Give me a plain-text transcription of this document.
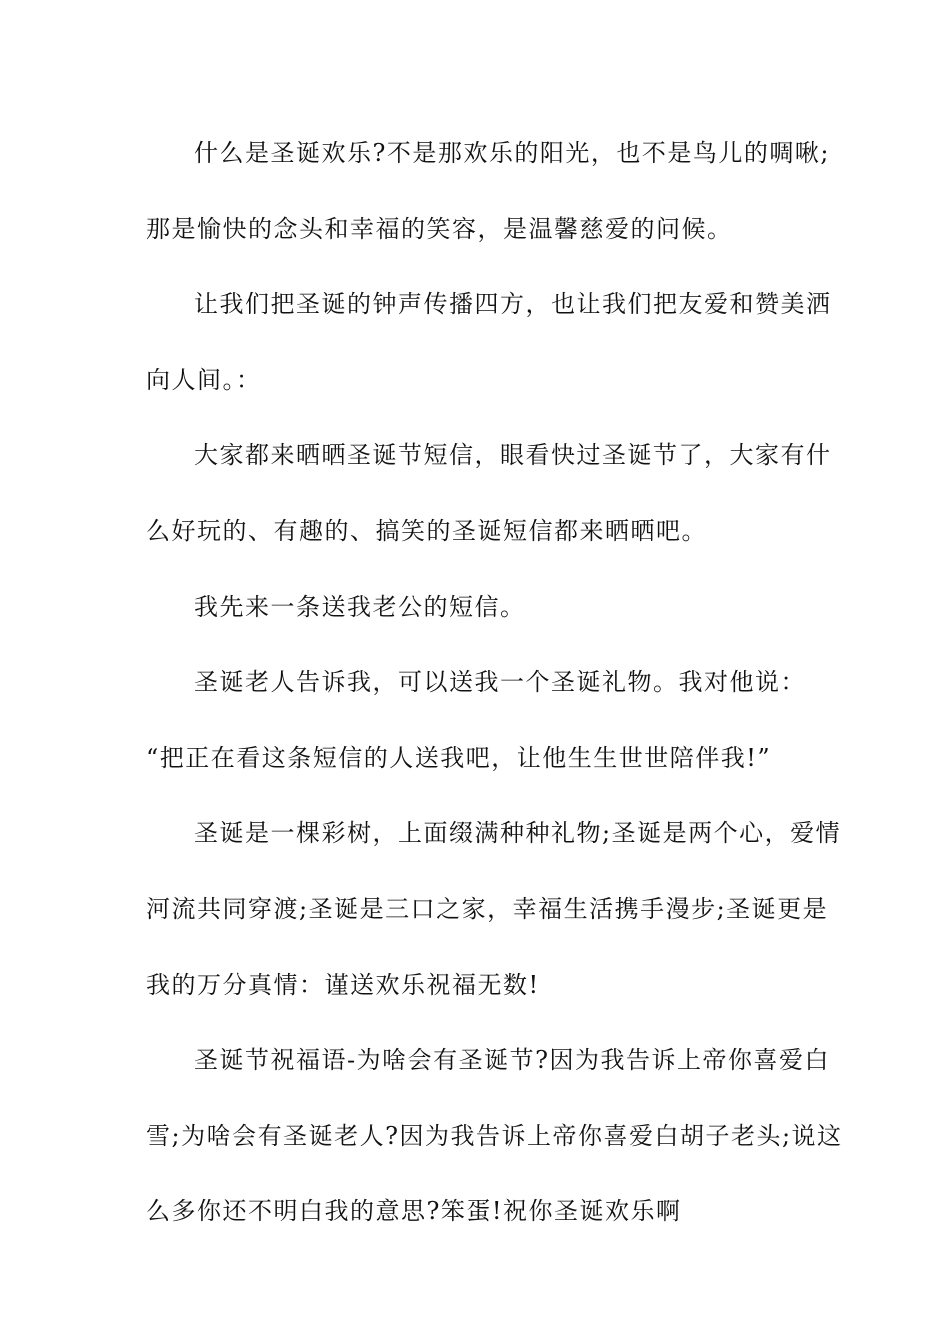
什么是圣诞欢乐?不是那欢乐的阳光，也不是鸟儿的啁啾;
那是愉快的念头和幸福的笑容，是温馨慈爱的问候。
让我们把圣诞的钟声传播四方，也让我们把友爱和赞美洒
向人间。：
大家都来晒晒圣诞节短信，眼看快过圣诞节了，大家有什
么好玩的、有趣的、搞笑的圣诞短信都来晒晒吧。
我先来一条送我老公的短信。
圣诞老人告诉我，可以送我一个圣诞礼物。我对他说：
“把正在看这条短信的人送我吧，让他生生世世陪伴我!”
圣诞是一棵彩树，上面缀满种种礼物;圣诞是两个心，爱情
河流共同穿渡;圣诞是三口之家，幸福生活携手漫步;圣诞更是
我的万分真情：谨送欢乐祝福无数!
圣诞节祝福语-为啥会有圣诞节?因为我告诉上帝你喜爱白
雪;为啥会有圣诞老人?因为我告诉上帝你喜爱白胡子老头;说这
么多你还不明白我的意思?笨蛋!祝你圣诞欢乐啊
